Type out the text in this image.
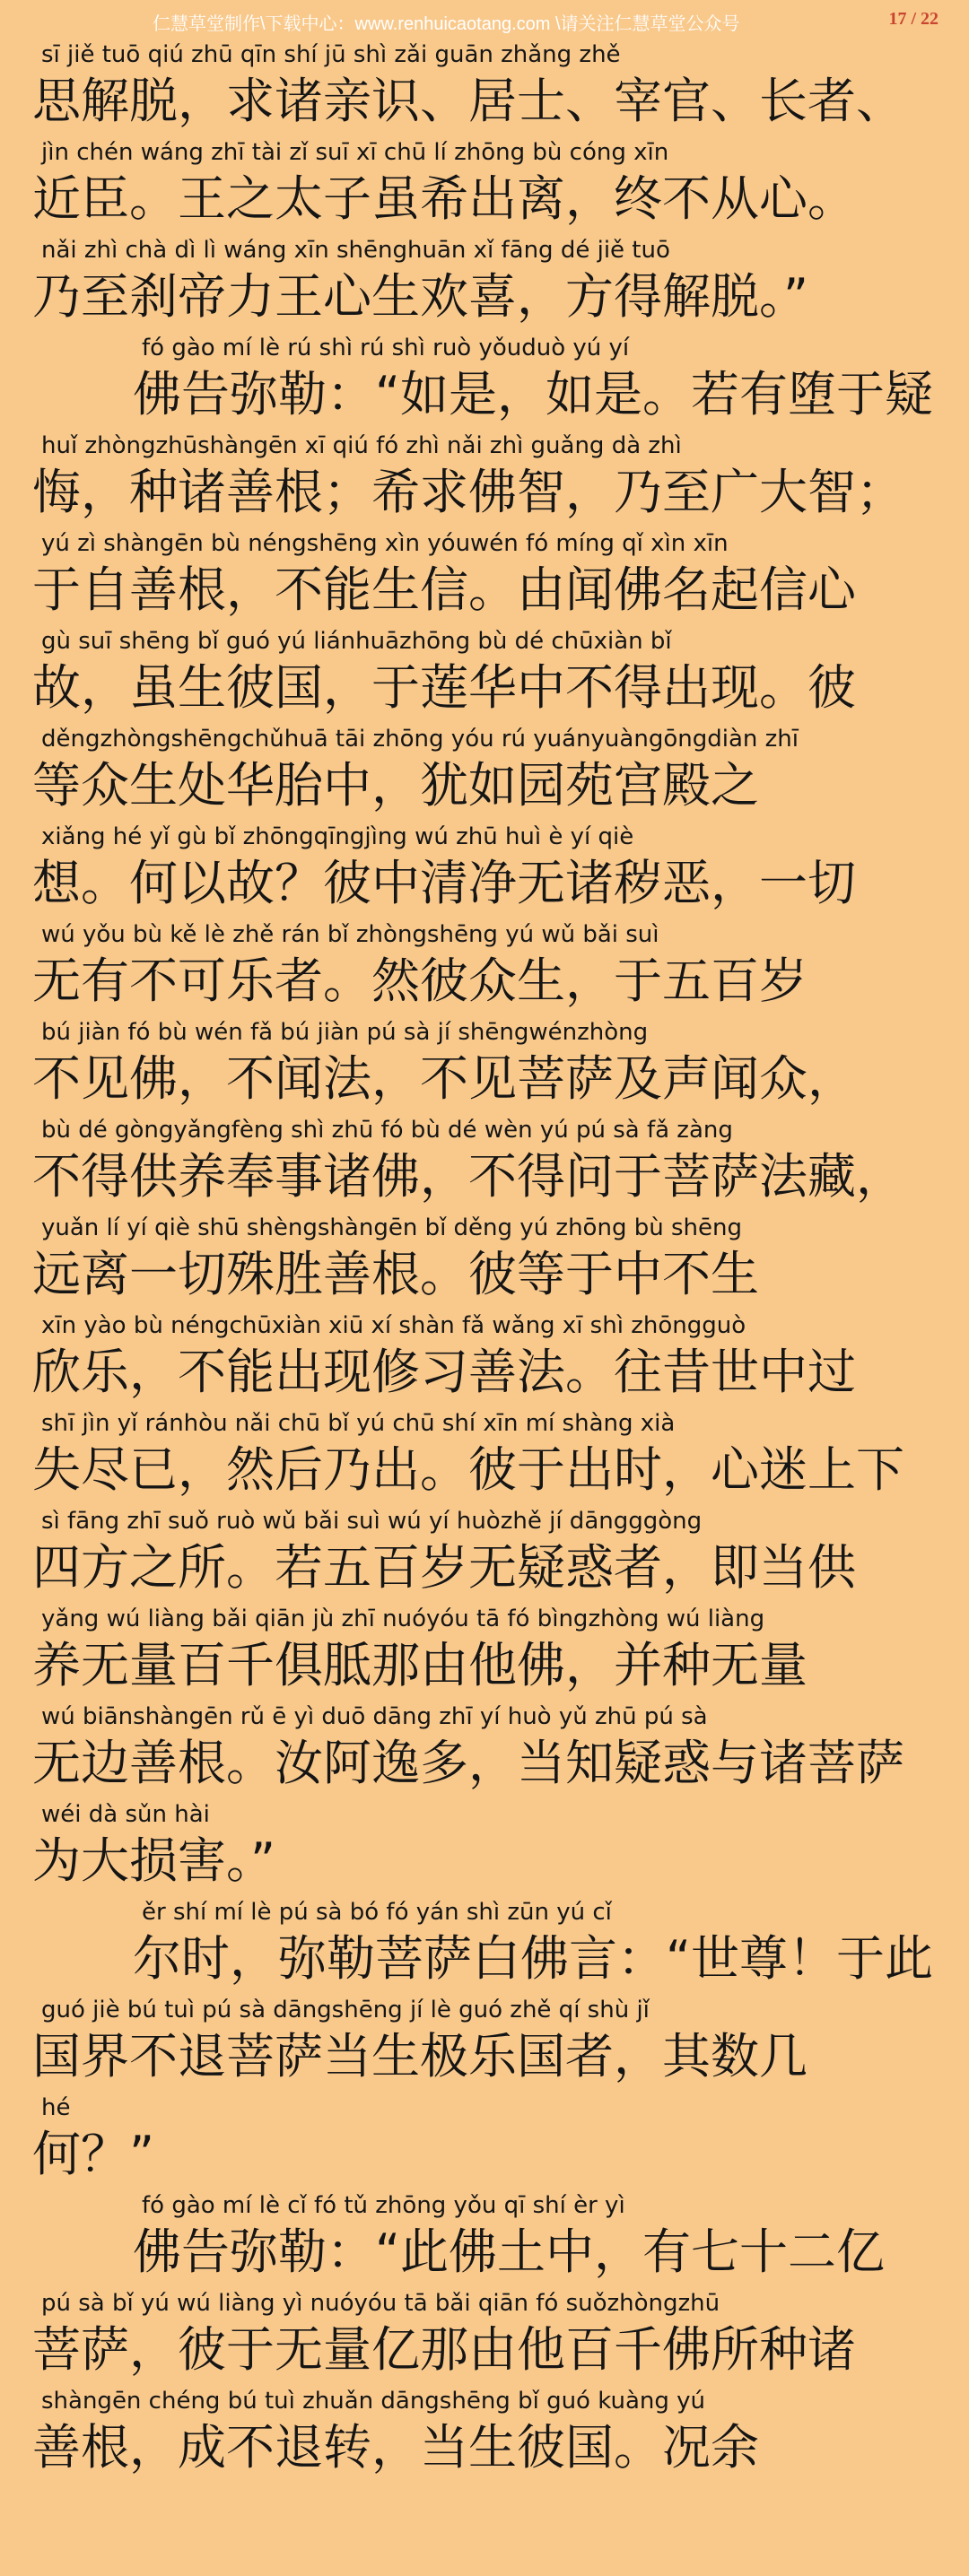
仁慧草堂制作\下载中心：www.renhuicaotang.com \请关注仁慧草堂公众号	17 / 22
sī jiě tuō qiú zhū qīn shí jū shì zǎi guān zhǎng zhě
思解脱，求诸亲识、居士、宰官、长者、
jìn chén wáng zhī tài zǐ suī xī chū lí zhōng bù cóng xīn
近臣。王之太子虽希出离，终不从心。
nǎi zhì chà dì lì wáng xīn shēnghuān xǐ fāng dé jiě tuō
乃至刹帝力王心生欢喜，方得解脱。”
fó gào mí lè rú shì rú shì ruò yǒuduò yú yí
佛告弥勒：“如是，如是。若有堕于疑
huǐ zhòngzhūshàngēn xī qiú fó zhì nǎi zhì guǎng dà zhì
悔，种诸善根；希求佛智，乃至广大智；
yú zì shàngēn bù néngshēng xìn yóuwén fó míng qǐ xìn xīn
于自善根，不能生信。由闻佛名起信心
gù suī shēng bǐ guó yú liánhuāzhōng bù dé chūxiàn bǐ
故，虽生彼国，于莲华中不得出现。彼
děngzhòngshēngchǔhuā tāi zhōng yóu rú yuányuàngōngdiàn zhī
等众生处华胎中，犹如园苑宫殿之
xiǎng hé yǐ gù bǐ zhōngqīngjìng wú zhū huì è yí qiè
想。何以故？彼中清净无诸秽恶，一切
wú yǒu bù kě lè zhě rán bǐ zhòngshēng yú wǔ bǎi suì
无有不可乐者。然彼众生，于五百岁
bú jiàn fó bù wén fǎ bú jiàn pú sà jí shēngwénzhòng
不见佛，不闻法，不见菩萨及声闻众，
bù dé gòngyǎngfèng shì zhū fó bù dé wèn yú pú sà fǎ zàng
不得供养奉事诸佛，不得问于菩萨法藏，
yuǎn lí yí qiè shū shèngshàngēn bǐ děng yú zhōng bù shēng
远离一切殊胜善根。彼等于中不生
xīn yào bù néngchūxiàn xiū xí shàn fǎ wǎng xī shì zhōngguò
欣乐，不能出现修习善法。往昔世中过
shī jìn yǐ ránhòu nǎi chū bǐ yú chū shí xīn mí shàng xià
失尽已，然后乃出。彼于出时，心迷上下
sì fāng zhī suǒ ruò wǔ bǎi suì wú yí huòzhě jí dāngggòng
四方之所。若五百岁无疑惑者，即当供
yǎng wú liàng bǎi qiān jù zhī nuóyóu tā fó bìngzhòng wú liàng
养无量百千俱胝那由他佛，并种无量
wú biānshàngēn rǔ ē yì duō dāng zhī yí huò yǔ zhū pú sà
无边善根。汝阿逸多，当知疑惑与诸菩萨
wéi dà sǔn hài
为大损害。”
ěr shí mí lè pú sà bó fó yán shì zūn yú cǐ
尔时，弥勒菩萨白佛言：“世尊！于此
guó jiè bú tuì pú sà dāngshēng jí lè guó zhě qí shù jǐ
国界不退菩萨当生极乐国者，其数几
hé
何？”
fó gào mí lè cǐ fó tǔ zhōng yǒu qī shí èr yì
佛告弥勒：“此佛土中，有七十二亿
pú sà bǐ yú wú liàng yì nuóyóu tā bǎi qiān fó suǒzhòngzhū
菩萨，彼于无量亿那由他百千佛所种诸
shàngēn chéng bú tuì zhuǎn dāngshēng bǐ guó kuàng yú
善根，成不退转，当生彼国。况余
